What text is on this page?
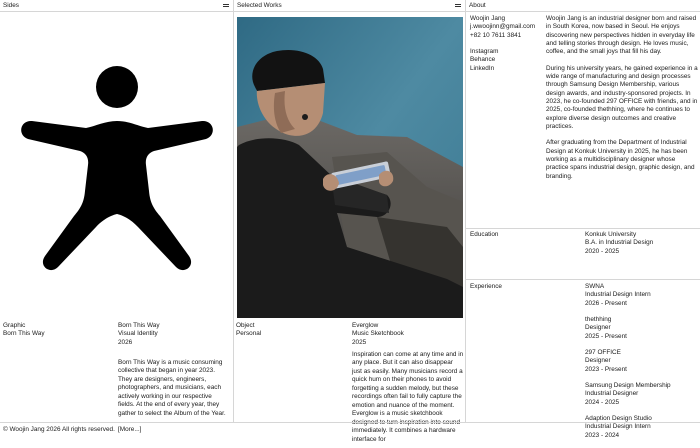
Sides
Graphic
Born This Way
Born This Way
Visual Identity
2026
Born This Way is a music consuming collective that began in year 2023. They are designers, engineers, photographers, and musicians, each actively working in our respective fields. At the end of every year, they gather to select the Album of the Year.
[More...]
Selected Works
Object
Personal
Everglow
Music Sketchbook
2025
Inspiration can come at any time and in any place. But it can also disappear just as easily. Many musicians record a quick hum on their phones to avoid forgetting a sudden melody, but these recordings often fail to fully capture the emotion and nuance of the moment. Everglow is a music sketchbook designed to turn inspiration into sound immediately. It combines a hardware interface for
About
Woojin Jang
j.wwoojinn@gmail.com
+82 10 7611 3841
Instagram
Behance
LinkedIn

Woojin Jang is an industrial designer born and raised in South Korea, now based in Seoul. He enjoys discovering new perspectives hidden in everyday life and telling stories through design. He loves music, coffee, and the small joys that fill his day.

During his university years, he gained experience in a wide range of manufacturing and design processes through Samsung Design Membership, various design awards, and industry-sponsored projects. In 2023, he co-founded 297 OFFICE with friends, and in 2025, co-founded thethhing, where he continues to explore diverse design outcomes and creative practices.

After graduating from the Department of Industrial Design at Konkuk University in 2025, he has been working as a multidisciplinary designer whose practice spans industrial design, graphic design, and branding.

Education	Konkuk University
B.A. in Industrial Design
2020 - 2025
Experience	SWNA
Industrial Design Intern
2026 - Present
thethhing
Designer
2025 - Present
297 OFFICE
Designer
2023 - Present
Samsung Design Membership
Industrial Designer
2024 - 2025
Adaption Design Studio
Industrial Design Intern
2023 - 2024
© Woojin Jang 2026 All rights reserved.
